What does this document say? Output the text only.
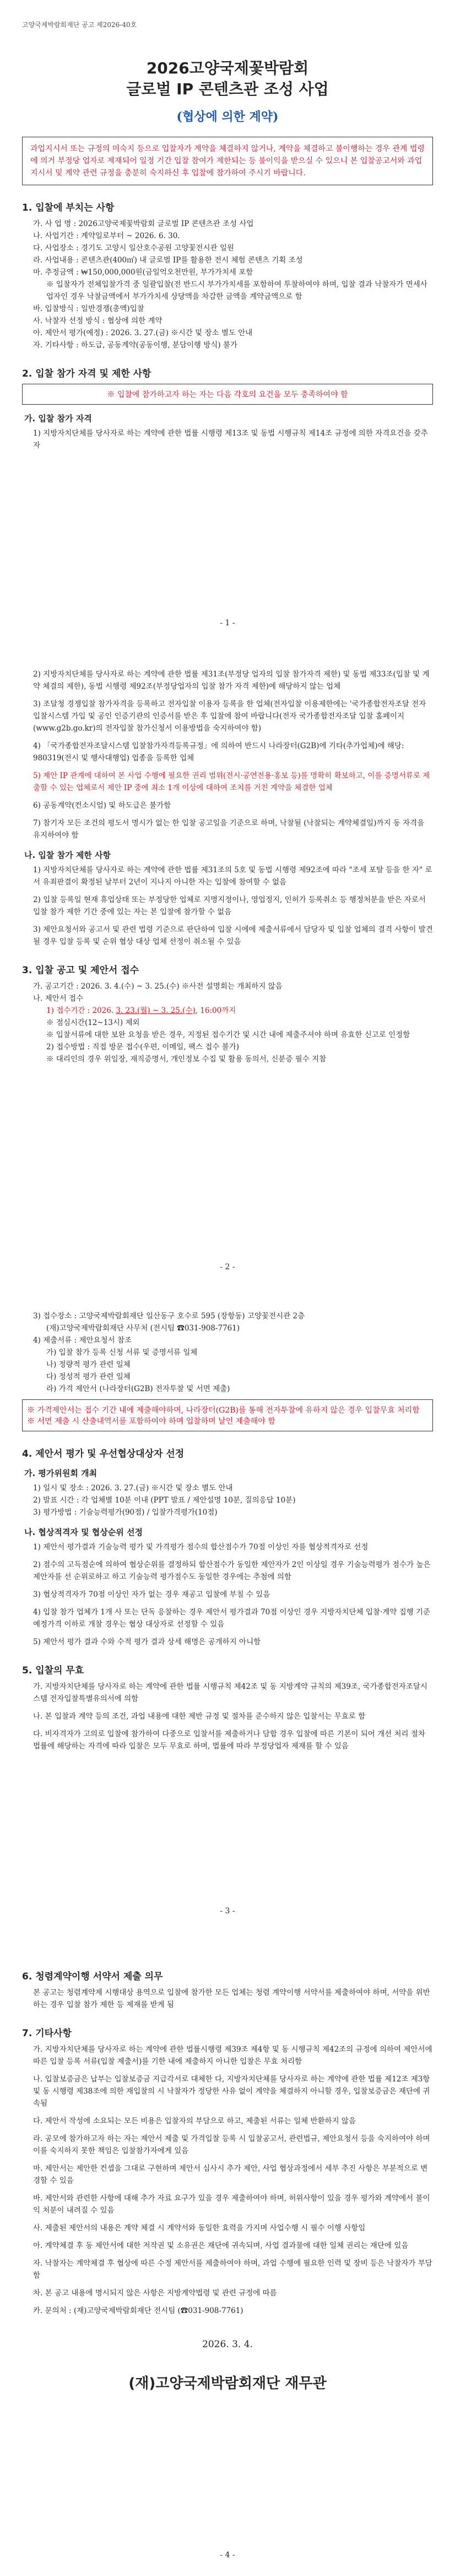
고양국제박람회재단 공고 제2026-40호
2026고양국제꽃박람회
글로벌 IP 콘텐츠관 조성 사업
(협상에 의한 계약)
과업지시서 또는 규정의 미숙지 등으로 입찰자가 계약을 체결하지 않거나, 계약을 체결하고 불이행하는 경우 관계 법령에 의거 부정당 업자로 제재되어 일정 기간 입찰 참여가 제한되는 등 불이익을 받으실 수 있으니 본 입찰공고서와 과업지시서 및 계약 관련 규정을 충분히 숙지하신 후 입찰에 참가하여 주시기 바랍니다.
1. 입찰에 부치는 사항
가. 사 업 명 : 2026고양국제꽃박람회 글로벌 IP 콘텐츠관 조성 사업
나. 사업기간 : 계약일로부터 ~ 2026. 6. 30.
다. 사업장소 : 경기도 고양시 일산호수공원 고양꽃전시관 일원
라. 사업내용 : 콘텐츠관(400㎡) 내 글로벌 IP를 활용한 전시 체험 콘텐츠 기획 조성
마. 추정금액 : ₩150,000,000원(금일억오천만원, 부가가치세 포함
※ 입찰자가 전체입찰가격 중 일괄입찰(전 반드시 부가가치세를 포함하여 투찰하여야 하며, 입찰 결과 낙찰자가 면세사업자인 경우 낙찰금액에서 부가가치세 상당액을 차감한 금액을 계약금액으로 함
바. 입찰방식 : 일반경쟁(총액)입찰
사. 낙찰자 선정 방식 : 협상에 의한 계약
아. 제안서 평가(예정) : 2026. 3. 27.(금) ※시간 및 장소 별도 안내
자. 기타사항 : 하도급, 공동계약(공동이행, 분담이행 방식) 불가
2. 입찰 참가 자격 및 제한 사항
※ 입찰에 참가하고자 하는 자는 다음 각호의 요건을 모두 충족하여야 함
가. 입찰 참가 자격
1) 지방자치단체를 당사자로 하는 계약에 관한 법률 시행령 제13조 및 동법 시행규칙 제14조 규정에 의한 자격요건을 갖추자
- 1 -
2) 지방자치단체를 당사자로 하는 계약에 관한 법률 제31조(부정당 업자의 입찰 참가자격 제한) 및 동법 제33조(입찰 및 계약 체결의 제한), 동법 시행령 제92조(부정당업자의 입찰 참가 자격 제한)에 해당하지 않는 업체
3) 조달청 경쟁입찰 참가자격을 등록하고 전자입찰 이용자 등록을 한 업체(전자입찰 이용제한에는 '국가종합전자조달 전자입찰시스템 가입 및 공인 인증기관의 인증서를 받은 후 입찰에 참여 바랍니다(전자 국가종합전자조달 입찰 홈페이지(www.g2b.go.kr)의 전자입찰 참가신청서 이용방법을 숙지하여야 함)
4) 「국가종합전자조달시스템 입찰참가자격등록규정」에 의하여 반드시 나라장터(G2B)에 기타(추가업체)에 해당: 980319(전시 및 행사대행업) 업종을 등록한 업체
5) 제안 IP 관계에 대하여 본 사업 수행에 필요한 권리 범위(전시·공연전용·홍보 등)를 명확히 확보하고, 이를 증명서류로 제출할 수 있는 업체로서 제안 IP 중에 최소 1개 이상에 대하여 조치를 거친 계약을 체결한 업체
6) 공동계약(컨소시엄) 및 하도급은 불가함
7) 참기자 모든 조건의 평도서 명시가 없는 한 입찰 공고일을 기준으로 하며, 낙찰될 (낙찰되는 계약체결일)까지 동 자격을 유지하여야 함
나. 입찰 참가 제한 사항
1) 지방자치단체를 당사자로 하는 계약에 관한 법률 제31조의 5호 및 동법 시행령 제92조에 따라 "조세 포탈 등을 한 자" 로서 유죄판결이 확정된 날부터 2년이 지나지 아니한 자는 입찰에 참여할 수 없음
2) 입찰 등록일 현재 휴업상태 또는 부정당한 업체로 지명지정이나, 영업정지, 인허가 등록취소 등 행정처분을 받은 자로서 입찰 참가 제한 기간 중에 있는 자는 본 입찰에 참가할 수 없음
3) 제안요청서와 공고서 및 관련 법령 기준으로 판단하여 입찰 시에에 제출서류에서 담당자 및 입찰 업체의 결격 사항이 발견될 경우 입찰 등록 및 순위 협상 대상 업체 선정이 취소될 수 있음
3. 입찰 공고 및 제안서 접수
가. 공고기간 : 2026. 3. 4.(수) ~ 3. 25.(수) ※사전 설명회는 개최하지 않음
나. 제안서 접수
1) 접수기간 : 2026. 3. 23.(월) ~ 3. 25.(수), 16:00까지
※ 점심시간(12~13시) 제외
※ 입찰서류에 대한 보완 요청을 받은 경우, 지정된 접수기간 및 시간 내에 제출주셔야 하며 유효한 신고로 인정함
2) 접수방법 : 직접 방문 접수(우편, 이메일, 팩스 접수 불가)
※ 대리인의 경우 위임장, 재직증명서, 개인정보 수집 및 활용 동의서, 신분증 필수 지참
- 2 -
3) 접수장소 : 고양국제박람회재단 일산동구 호수로 595 (장항동) 고양꽃전시관 2층
(재)고양국제박람회재단 사무처 (전시팀 ☎031-908-7761)
4) 제출서류 : 제안요청서 참조
가) 입찰 참가 등록 신청 서류 및 증명서류 일체
나) 정량적 평가 관련 일체
다) 정성적 평가 관련 일체
라) 가격 제안서 (나라장터(G2B) 전자투찰 및 서면 제출)
※ 가격제안서는 접수 기간 내에 제출해야하며, 나라장터(G2B)를 통해 전자투찰에 유하지 않은 경우 입찰무효 처리함 ※ 서면 제출 시 산출내역서를 포함하여야 하며 입찰하며 날인 제출해야 함
4. 제안서 평가 및 우선협상대상자 선정
가. 평가위원회 개최
1) 일시 및 장소 : 2026. 3. 27.(금) ※시간 및 장소 별도 안내
2) 발표 시간 : 각 업체별 10분 이내 (PPT 발표 / 제안설명 10분, 질의응답 10분)
3) 평가방법 : 기술능력평가(90점) / 입찰가격평가(10점)
나. 협상적격자 및 협상순위 선정
1) 제안서 평가결과 기술능력 평가 및 가격평가 점수의 합산점수가 70점 이상인 자를 협상적격자로 선정
2) 점수의 고득점순에 의하여 협상순위를 결정하되 합산점수가 동일한 제안자가 2인 이상일 경우 기술능력평가 점수가 높은 제안자를 선 순위로하고 하고 기술능력 평가점수도 동일한 경우에는 추첨에 의함
3) 협상적격자가 70점 이상인 자가 없는 경우 재공고 입찰에 부칠 수 있음
4) 입찰 참가 업체가 1개 사 또는 단독 응찰하는 경우 제안서 평가결과 70점 이상인 경우 지방자치단체 입찰·계약 집행 기준 예정가격 이하로 개찰 경우는 협상 대상자로 선정할 수 있음
5) 제안서 평가 결과 수와 수적 평가 결과 상세 해명은 공개하지 아니함
5. 입찰의 무효
가. 지방자치단체를 당사자로 하는 계약에 관한 법률 시행규칙 제42조 및 동 지방계약 규칙의 제39조, 국가종합전자조달시스템 전자입찰특별유의서에 의함
나. 본 입찰과 계약 등의 조건, 과업 내용에 대한 제반 규정 및 절차를 준수하지 않은 입찰서는 무효로 함
다. 비자격자가 고의로 입찰에 참가하여 다중으로 입찰서를 제출하거나 담합 경우 입찰에 따른 기본이 되어 개선 처리 절차 법률에 해당하는 자격에 따라 입찰은 모두 무효로 하며, 법률에 따라 부정당업자 제재를 할 수 있음
- 3 -
6. 청렴계약이행 서약서 제출 의무
본 공고는 청렴계약제 시행대상 용역으로 입찰에 참가한 모든 업체는 청렴 계약이행 서약서를 제출하여야 하며, 서약을 위반하는 경우 입찰 참가 제한 등 제재를 받게 됨
7. 기타사항
가. 지방자치단체를 당사자로 하는 계약에 관한 법률시행령 제39조 제4항 및 동 시행규칙 제42조의 규정에 의하여 제안서에 따른 입찰 등록 서류(입찰 제출서)를 기한 내에 제출하지 아니한 입찰은 무효 처리함
나. 입찰보증금은 납부는 입찰보증금 지급각서로 대체한 다, 지방자치단체를 당사자로 하는 계약에 관한 법률 제12조 제3항 및 동 시행령 제38조에 의한 재입찰의 시 낙찰자가 정당한 사유 없이 계약을 체결하지 아니할 경우, 입찰보증금은 재단에 귀속됨
다. 제안서 작성에 소요되는 모든 비용은 입찰자의 부담으로 하고, 제출된 서류는 일체 반환하지 않음
라. 공모에 참가하고자 하는 자는 제안서 제출 및 가격입찰 등록 시 입찰공고서, 관련법규, 제안요청서 등을 숙지하여야 하며 이를 숙지하지 못한 책임은 입찰참가자에게 있음
마. 제안서는 제안한 컨셉을 그대로 구현하며 제안서 심사시 추가 제안, 사업 협상과정에서 세부 추진 사항은 부분적으로 변경할 수 있음
바. 제안서와 관련한 사항에 대해 추가 자료 요구가 있을 경우 제출하여야 하며, 허위사항이 있을 경우 평가와 계약에서 불이익 처분이 내려질 수 있음
사. 제출된 제안서의 내용은 계약 체결 시 계약서와 동일한 효력을 가지며 사업수행 시 필수 이행 사항임
아. 계약체결 후 동 제안서에 대한 저작권 및 소유권은 재단에 귀속되며, 사업 결과물에 대한 일체 권리는 재단에 있음
자. 낙찰자는 계약체결 후 협상에 따른 수정 제안서를 제출하여야 하며, 과업 수행에 필요한 인력 및 장비 등은 낙찰자가 부담함
차. 본 공고 내용에 명시되지 않은 사항은 지방계약법령 및 관련 규정에 따름
카. 문의처 : (재)고양국제박람회재단 전시팀 (☎031-908-7761)
2026. 3. 4.
(재)고양국제박람회재단 재무관
- 4 -
